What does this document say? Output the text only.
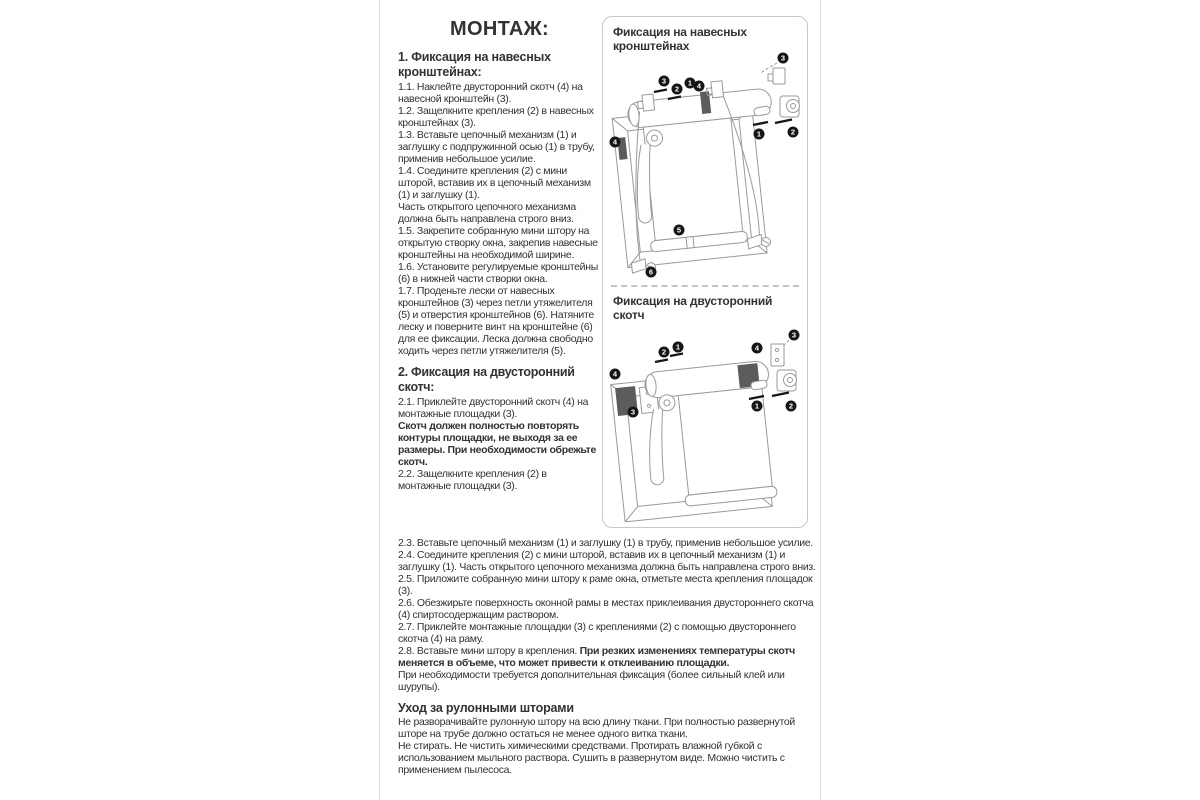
МОНТАЖ:
1. Фиксация на навесных кронштейнах:

1.1. Наклейте двусторонний скотч (4) на навесной кронштейн (3).

1.2. Защелкните крепления (2) в навесных кронштейнах (3).

1.3. Вставьте цепочный механизм (1) и заглушку с подпружинной осью (1) в трубу, применив небольшое усилие.

1.4. Соедините крепления (2) с мини шторой, вставив их в цепочный механизм (1) и заглушку (1).

Часть открытого цепочного механизма должна быть направлена строго вниз.

1.5. Закрепите собранную мини штору на открытую створку окна, закрепив навесные кронштейны на необходимой ширине.

1.6. Установите регулируемые кронштейны (6) в нижней части створки окна.

1.7. Проденьте лески от навесных кронштейнов (3) через петли утяжелителя (5) и отверстия кронштейнов (6). Натяните леску и поверните винт на кронштейне (6) для ее фиксации. Леска должна свободно ходить через петли утяжелителя (5).

2. Фиксация на двусторонний скотч:

2.1. Приклейте двусторонний скотч (4) на монтажные площадки (3).

Скотч должен полностью повторять контуры площадки, не выходя за ее размеры. При необходимости обрежьте скотч.

2.2. Защелкните крепления (2) в монтажные площадки (3).

Фиксация на навесных кронштейнах
4
3
2
1 4
3
1	2
5
6
Фиксация на двусторонний скотч
4
3
2
1	4
3
1	2

2.3. Вставьте цепочный механизм (1) и заглушку (1) в трубу, применив небольшое усилие.

2.4. Соедините крепления (2) с мини шторой, вставив их в цепочный механизм (1) и заглушку (1). Часть открытого цепочного механизма должна быть направлена строго вниз.

2.5. Приложите собранную мини штору к раме окна, отметьте места крепления площадок (3).

2.6. Обезжирьте поверхность оконной рамы в местах приклеивания двустороннего скотча (4) спиртосодержащим раствором.

2.7. Приклейте монтажные площадки (3) с креплениями (2) с помощью двустороннего скотча (4) на раму.

2.8. Вставьте мини штору в крепления. При резких изменениях температуры скотч меняется в объеме, что может привести к отклеиванию площадки.

При необходимости требуется дополнительная фиксация (более сильный клей или шурупы).

Уход за рулонными шторами

Не разворачивайте рулонную штору на всю длину ткани. При полностью развернутой шторе на трубе должно остаться не менее одного витка ткани.

Не стирать. Не чистить химическими средствами. Протирать влажной губкой с использованием мыльного раствора. Сушить в развернутом виде. Можно чистить с применением пылесоса.
